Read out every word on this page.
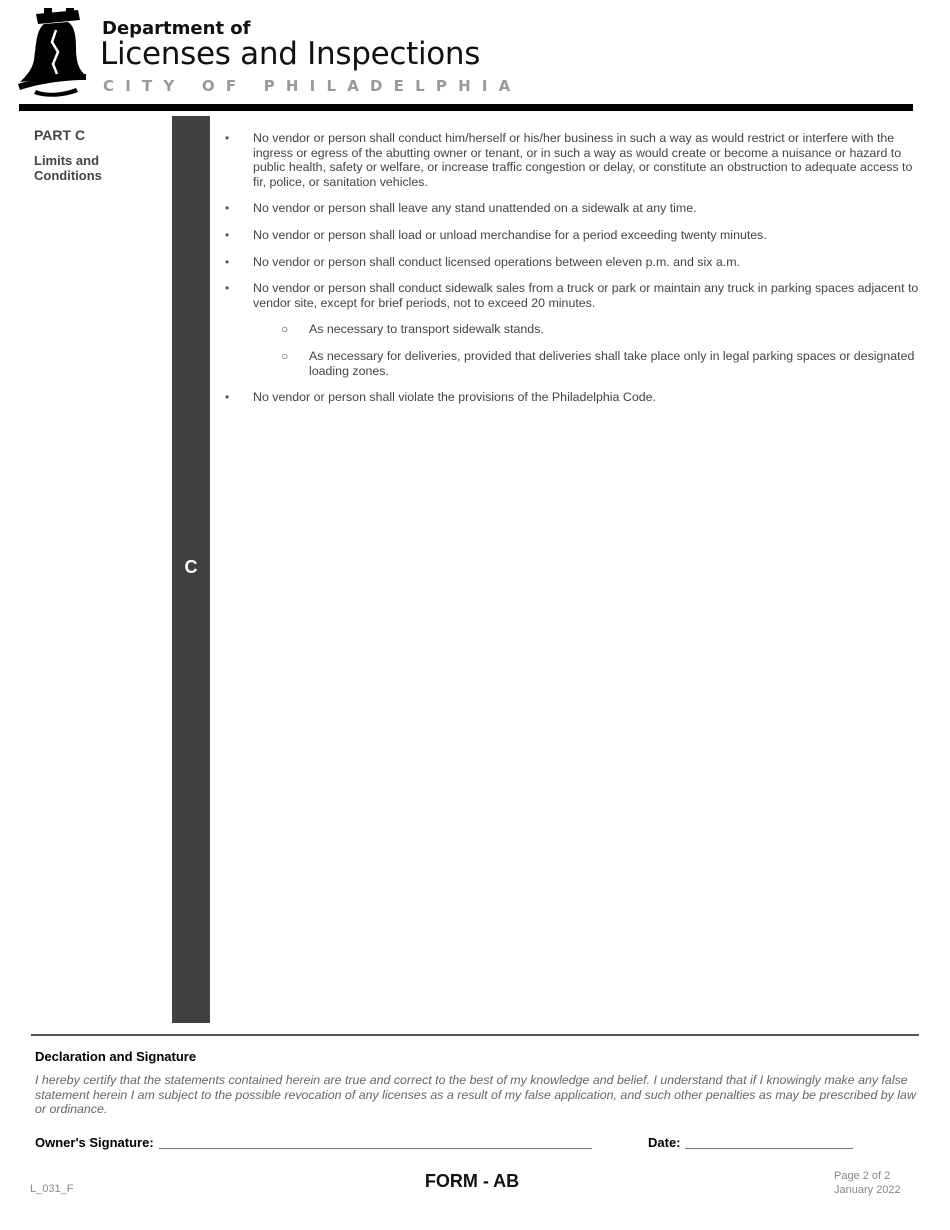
Department of
Licenses and Inspections
CITY OF PHILADELPHIA
PART C
Limits and Conditions
C
• No vendor or person shall conduct him/herself or his/her business in such a way as would restrict or interfere with the ingress or egress of the abutting owner or tenant, or in such a way as would create or become a nuisance or hazard to public health, safety or welfare, or increase traffic congestion or delay, or constitute an obstruction to adequate access to fir, police, or sanitation vehicles.
• No vendor or person shall leave any stand unattended on a sidewalk at any time.
• No vendor or person shall load or unload merchandise for a period exceeding twenty minutes.
• No vendor or person shall conduct licensed operations between eleven p.m. and six a.m.
• No vendor or person shall conduct sidewalk sales from a truck or park or maintain any truck in parking spaces adjacent to vendor site, except for brief periods, not to exceed 20 minutes.
○ As necessary to transport sidewalk stands.
○ As necessary for deliveries, provided that deliveries shall take place only in legal parking spaces or designated loading zones.
• No vendor or person shall violate the provisions of the Philadelphia Code.
Declaration and Signature
I hereby certify that the statements contained herein are true and correct to the best of my knowledge and belief. I understand that if I knowingly make any false statement herein I am subject to the possible revocation of any licenses as a result of my false application, and such other penalties as may be prescribed by law or ordinance.
Owner's Signature:	Date:
L_031_F	FORM - AB	Page 2 of 2
January 2022
